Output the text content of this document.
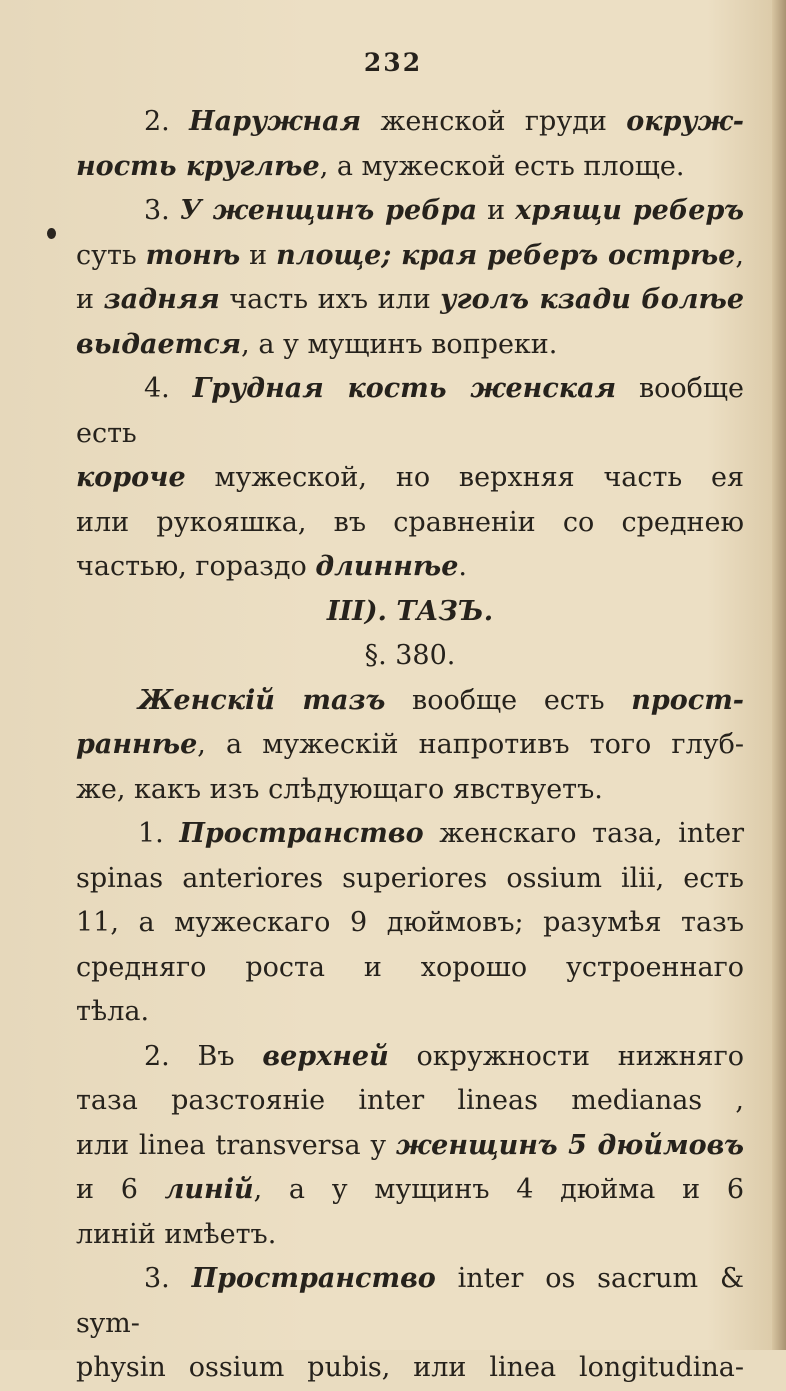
232

2. Наружная женской груди окруж-

ность круглѣе, а мужеской есть площе.

3. У женщинъ ребра и хрящи реберъ

суть тонѣ и площе; края реберъ острѣе,

и задняя часть ихъ или уголъ кзади болѣе

выдается, а у мущинъ вопреки.

4. Грудная кость женская вообще есть

короче мужеской, но верхняя часть ея

или рукояшка, въ сравненіи со среднею

частью, гораздо длиннѣе.

III). ТАЗЪ.

§. 380.

Женскій тазъ вообще есть прост-

раннѣе, а мужескій напротивъ того глуб-

же, какъ изъ слѣдующаго явствуетъ.

1. Пространство женскаго таза, inter

spinas anteriores superiores ossium ilii, есть

11, а мужескаго 9 дюймовъ; разумѣя тазъ

средняго роста и хорошо устроеннаго

тѣла.

2. Въ верхней окружности нижняго

таза разстояніе inter lineas medianas ,

или linea transversa у женщинъ 5 дюймовъ

и 6 линій, а у мущинъ 4 дюйма и 6

линій имѣетъ.

3. Пространство inter os sacrum & sym-

physin ossium pubis, или linea longitudina-
